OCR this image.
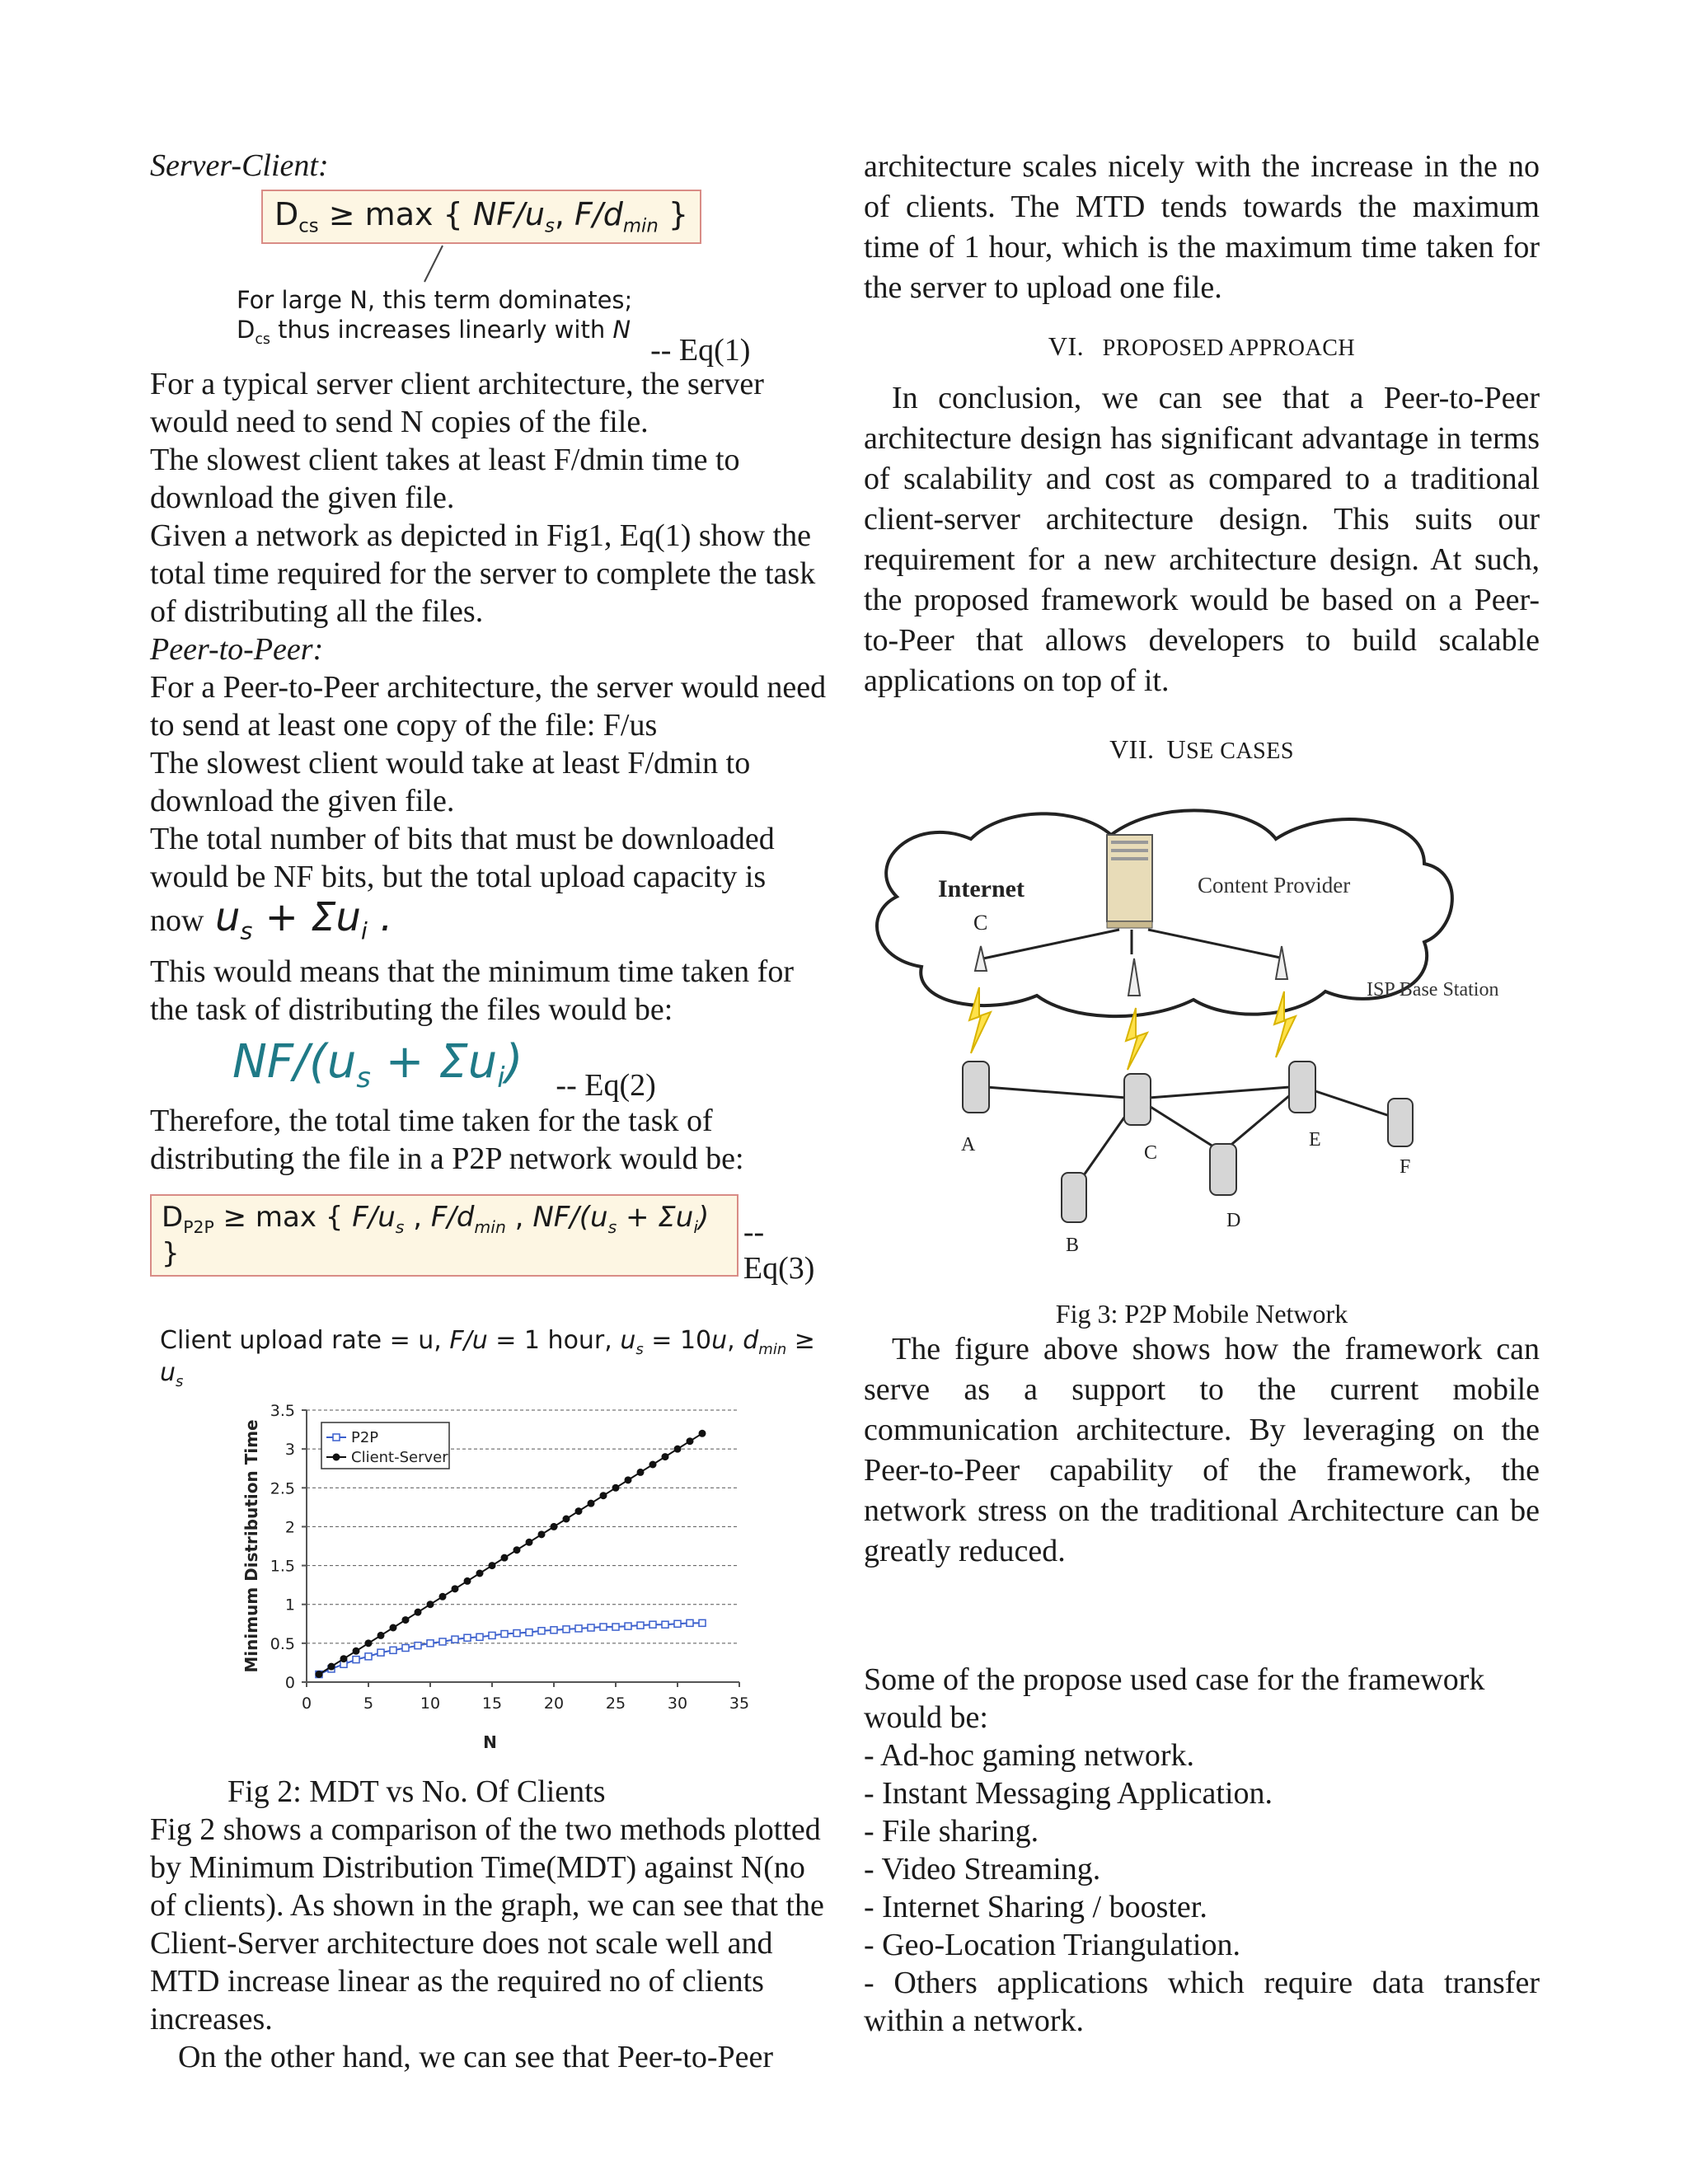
Server-Client:

$D_{cs} \ge \max$ { $NF/u_s$, $F/d_{min}$ }
For large N, this term dominates;
$D_{cs}$ thus increases linearly with N
-- Eq(1)

For a typical server client architecture, the server would need to send N copies of the file.

The slowest client takes at least F/dmin time to download the given file.

Given a network as depicted in Fig1, Eq(1) show the total time required for the server to complete the task of distributing all the files.

Peer-to-Peer:

For a Peer-to-Peer architecture, the server would need to send at least one copy of the file: F/us

The slowest client would take at least F/dmin to download the given file.

The total number of bits that must be downloaded would be NF bits, but the total upload capacity is

now $u_s + \Sigma u_i$ .

This would means that the minimum time taken for the task of distributing the files would be:

$NF/(u_s + \Sigma u_i) -- Eq(2)$

Therefore, the total time taken for the task of distributing the file in a P2P network would be:

$D_{P2P} \ge \max$ { $F/u_s$ , $F/d_{min}$ , $NF/(u_s + \Sigma u_i)$ }
--Eq(3)
Client upload rate = u, F/u = 1 hour, $u_s = 10u$, $d_{min} \ge u_s$
0
0.5
1
1.5
2
2.5
3
3.5
0	5	10	15	20	25	30	35
N
Minimum Distribution Time	P2P
Client-Server

Fig 2: MDT vs No. Of Clients

Fig 2 shows a comparison of the two methods plotted by Minimum Distribution Time(MDT) against N(no of clients). As shown in the graph, we can see that the Client-Server architecture does not scale well and MTD increase linear as the required no of clients increases.

On the other hand, we can see that Peer-to-Peer

architecture scales nicely with the increase in the no of clients. The MTD tends towards the maximum time of 1 hour, which is the maximum time taken for the server to upload one file.

VI. PROPOSED APPROACH

In conclusion, we can see that a Peer-to-Peer architecture design has significant advantage in terms of scalability and cost as compared to a traditional client-server architecture design. This suits our requirement for a new architecture design. At such, the proposed framework would be based on a Peer-to-Peer that allows developers to build scalable applications on top of it.

VII. USE CASES
Internet
C
Content Provider
ISP Base Station
A
B
C
D
E
F
Fig 3: P2P Mobile Network

The figure above shows how the framework can serve as a support to the current mobile communication architecture. By leveraging on the Peer-to-Peer capability of the framework, the network stress on the traditional Architecture can be greatly reduced.

Some of the propose used case for the framework would be:

- Ad-hoc gaming network.

- Instant Messaging Application.

- File sharing.

- Video Streaming.

- Internet Sharing / booster.

- Geo-Location Triangulation.

- Others applications which require data transfer within a network.
